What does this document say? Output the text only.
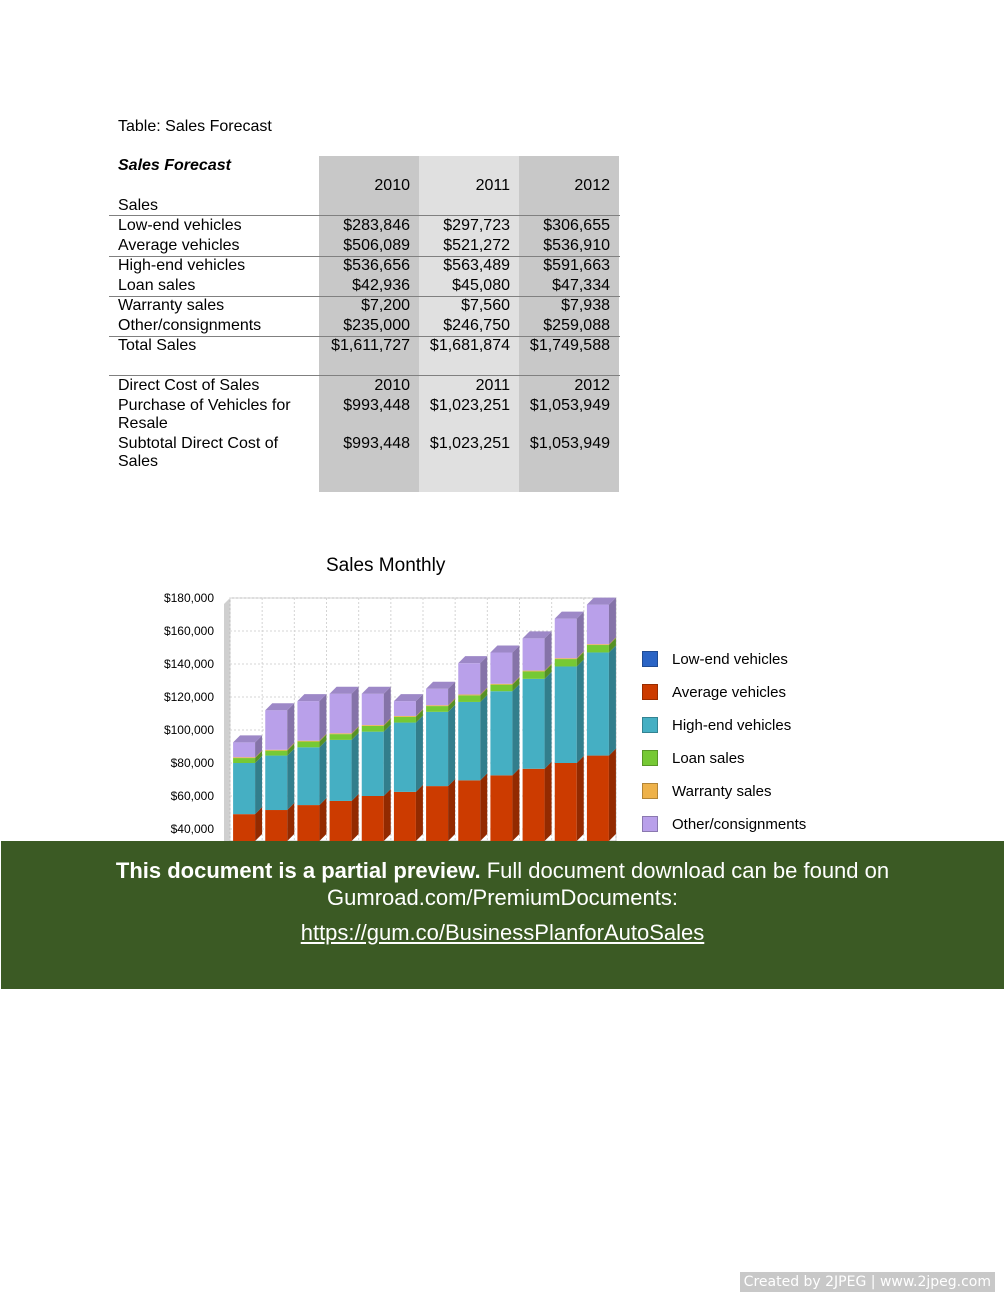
Table: Sales Forecast
Sales Forecast
2010	2011	2012
Sales
Low-end vehicles	$283,846	$297,723	$306,655
Average vehicles	$506,089	$521,272	$536,910
High-end vehicles	$536,656	$563,489	$591,663
Loan sales	$42,936	$45,080	$47,334
Warranty sales	$7,200	$7,560	$7,938
Other/consignments	$235,000	$246,750	$259,088
Total Sales	$1,611,727	$1,681,874	$1,749,588
Direct Cost of Sales	2010	2011	2012
Purchase of Vehicles for	$993,448	$1,023,251	$1,053,949
Resale
Subtotal Direct Cost of	$993,448	$1,023,251	$1,053,949
Sales
Sales Monthly
$180,000
$160,000
$140,000
$120,000
$100,000
$80,000
$60,000
$40,000
Low-end vehicles
Average vehicles
High-end vehicles
Loan sales
Warranty sales
Other/consignments
This document is a partial preview. Full document download can be found on
Gumroad.com/PremiumDocuments:
https://gum.co/BusinessPlanforAutoSales
Created by 2JPEG | www.2jpeg.com
